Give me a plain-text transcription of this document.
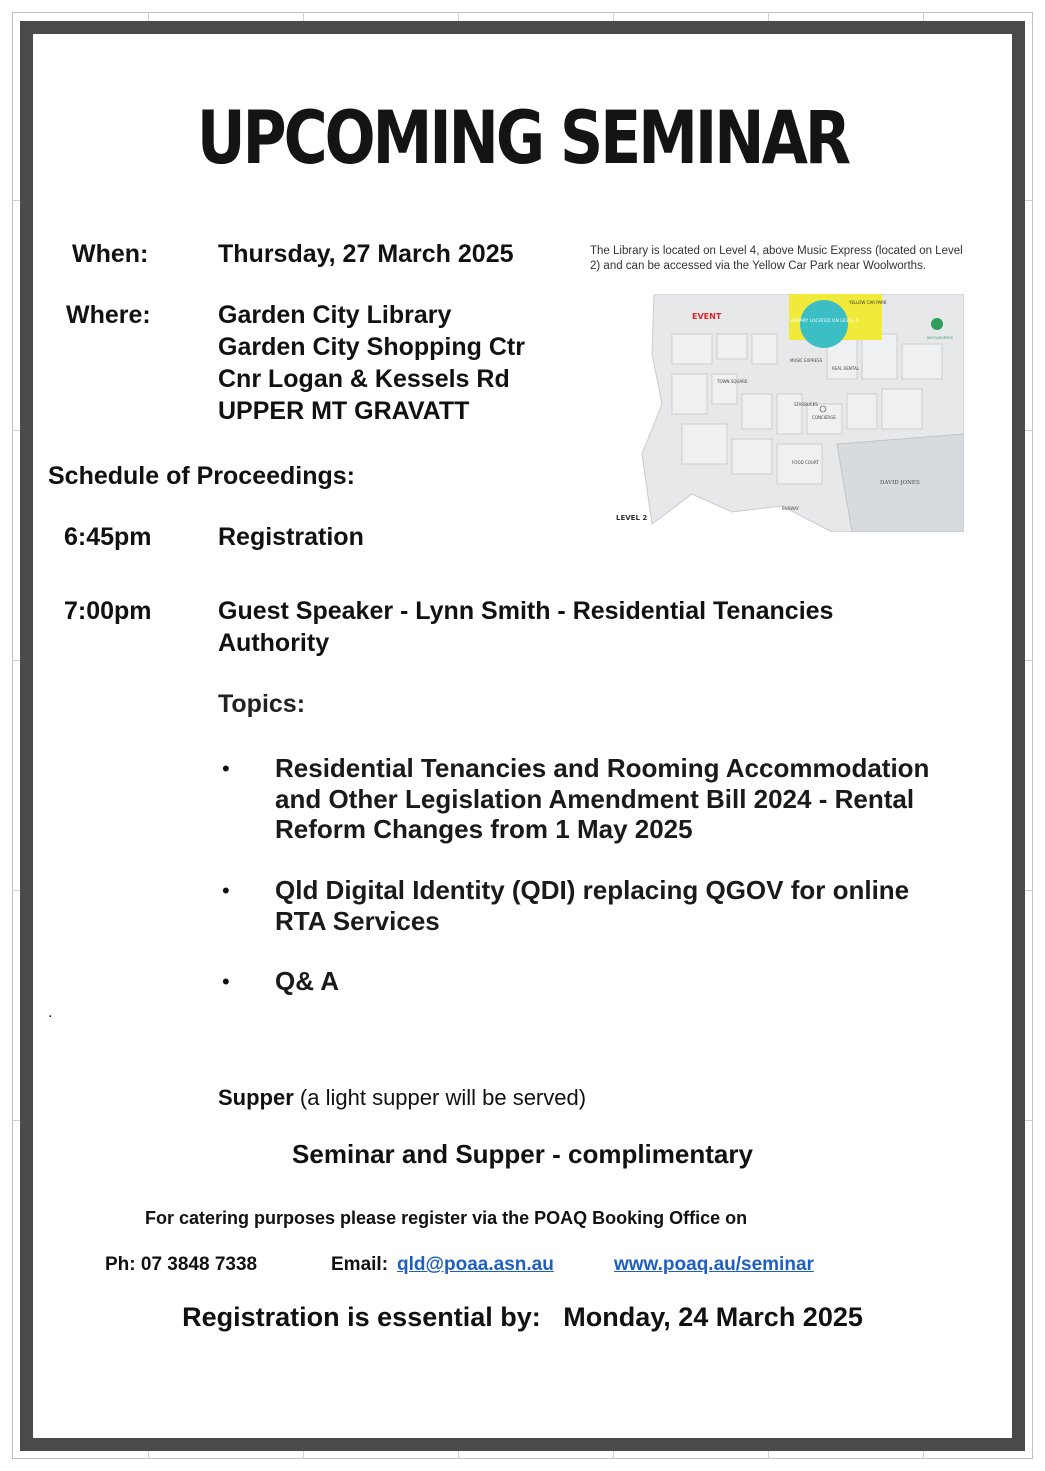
UPCOMING SEMINAR
When:	Thursday, 27 March 2025
Where:	Garden City Library
Garden City Shopping Ctr
Cnr Logan & Kessels Rd
UPPER MT GRAVATT
The Library is located on Level 4, above Music Express (located on Level
2) and can be accessed via the Yellow Car Park near Woolworths.
YELLOW CAR PARK
LIBRARY LOCATED ON LEVEL 4
EVENT
WOOLWORTHS
MUSIC EXPRESS
REAL RENTAL
TOWN SQUARE
STARBUCKS
CONCIERGE
FOOD COURT
DAVID JONES
BUSWAY
LEVEL 2
Schedule of Proceedings:
6:45pm	Registration
7:00pm	Guest Speaker - Lynn Smith - Residential Tenancies
Authority
Topics:
• Residential Tenancies and Rooming Accommodation
and Other Legislation Amendment Bill 2024 - Rental
Reform Changes from 1 May 2025
• Qld Digital Identity (QDI) replacing QGOV for online
RTA Services
• Q& A
.
Supper (a light supper will be served)
Seminar and Supper - complimentary
For catering purposes please register via the POAQ Booking Office on
Ph: 07 3848 7338	Email: qld@poaa.asn.au	www.poaq.au/seminar
Registration is essential by: Monday, 24 March 2025
